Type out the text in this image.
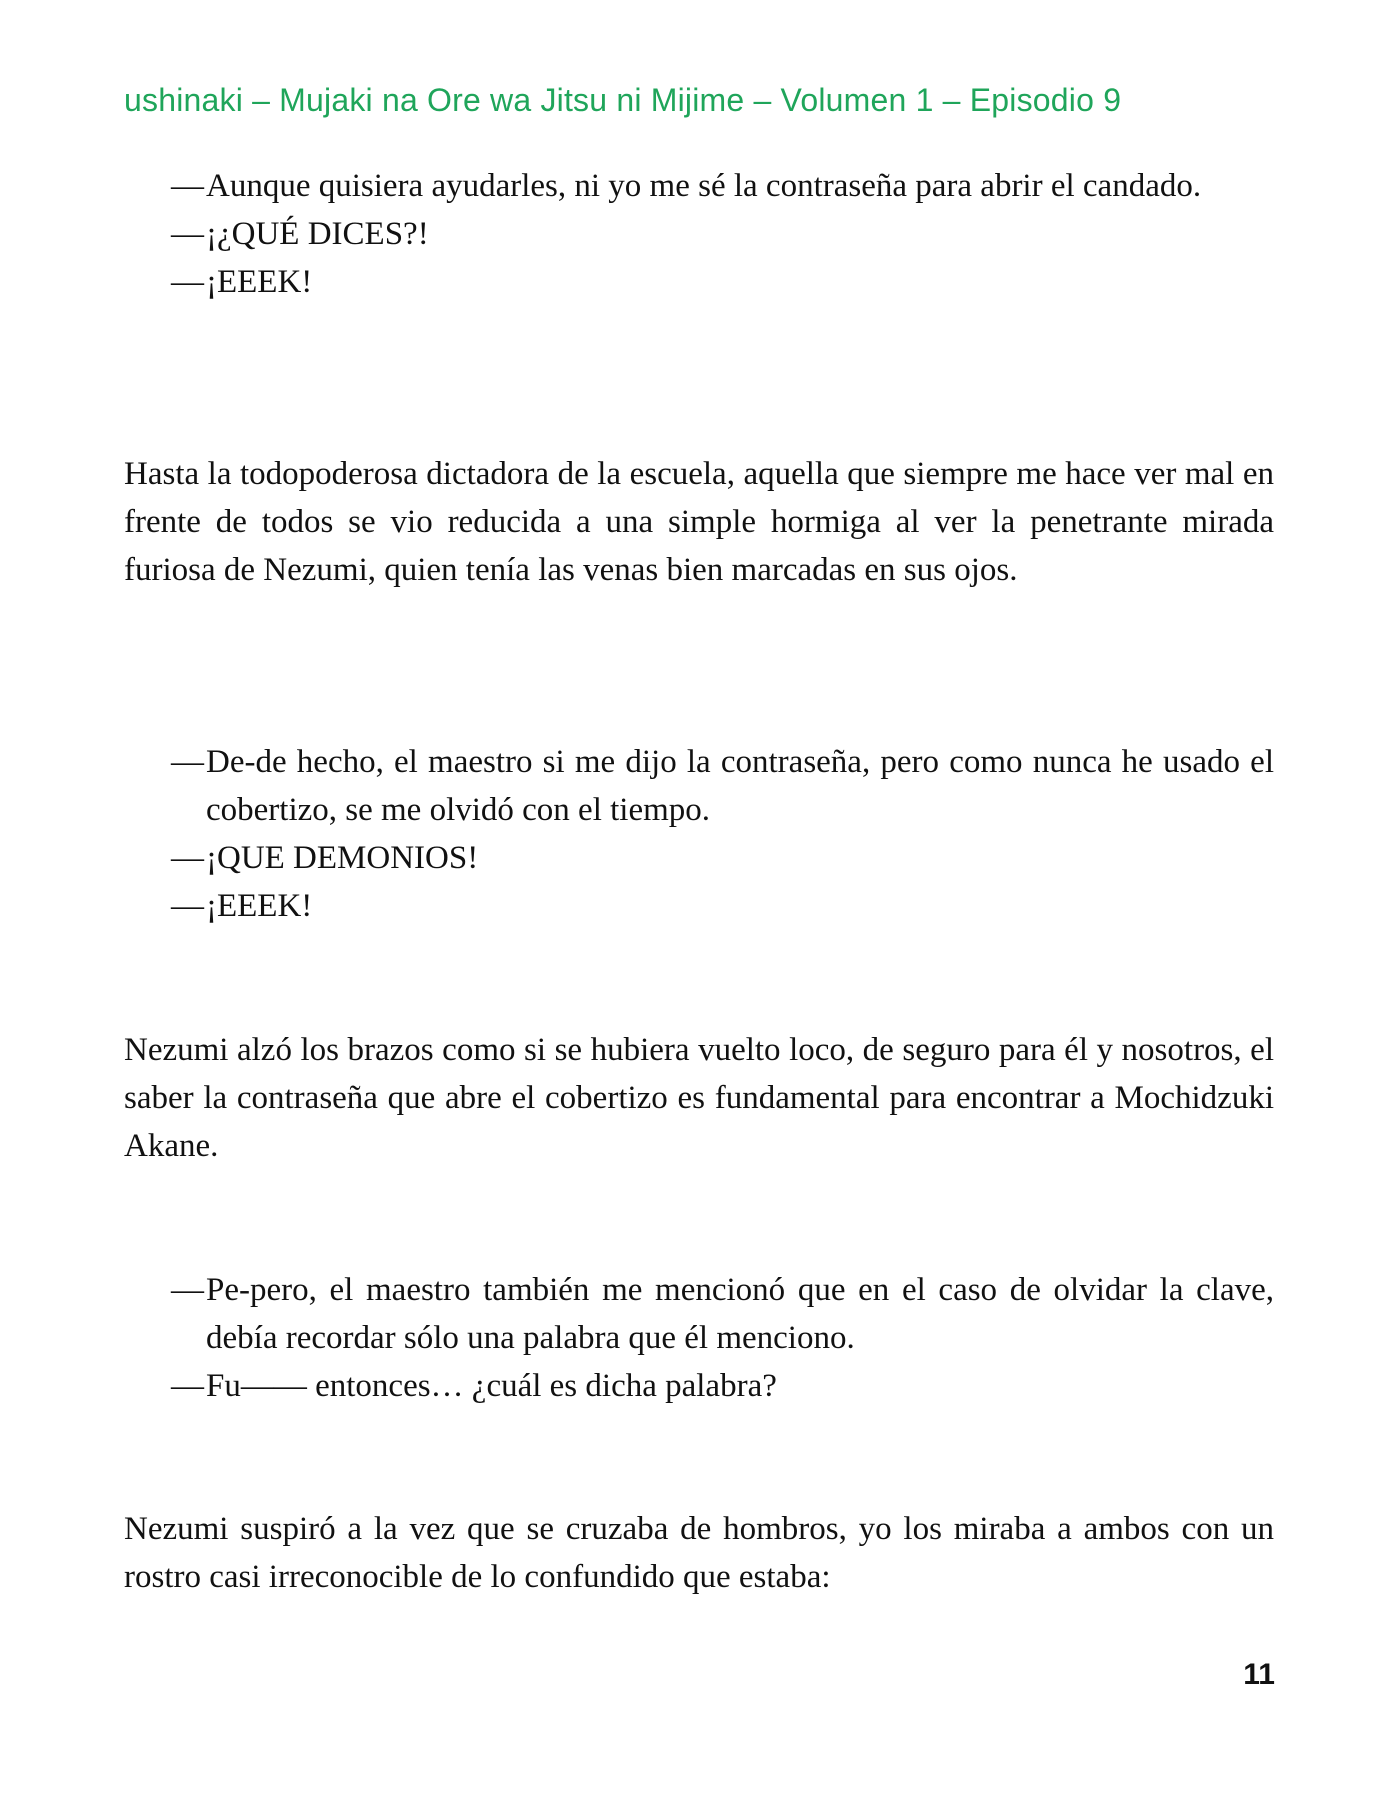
ushinaki – Mujaki na Ore wa Jitsu ni Mijime – Volumen 1 – Episodio 9
— Aunque quisiera ayudarles, ni yo me sé la contraseña para abrir el candado.
— ¡¿QUÉ DICES?!
— ¡EEEK!
Hasta la todopoderosa dictadora de la escuela, aquella que siempre me hace ver mal en frente de todos se vio reducida a una simple hormiga al ver la penetrante mirada furiosa de Nezumi, quien tenía las venas bien marcadas en sus ojos.
— De-de hecho, el maestro si me dijo la contraseña, pero como nunca he usado el cobertizo, se me olvidó con el tiempo.
— ¡QUE DEMONIOS!
— ¡EEEK!
Nezumi alzó los brazos como si se hubiera vuelto loco, de seguro para él y nosotros, el saber la contraseña que abre el cobertizo es fundamental para encontrar a Mochidzuki Akane.
— Pe-pero, el maestro también me mencionó que en el caso de olvidar la clave, debía recordar sólo una palabra que él menciono.
— Fu―― entonces… ¿cuál es dicha palabra?
Nezumi suspiró a la vez que se cruzaba de hombros, yo los miraba a ambos con un rostro casi irreconocible de lo confundido que estaba:
11
